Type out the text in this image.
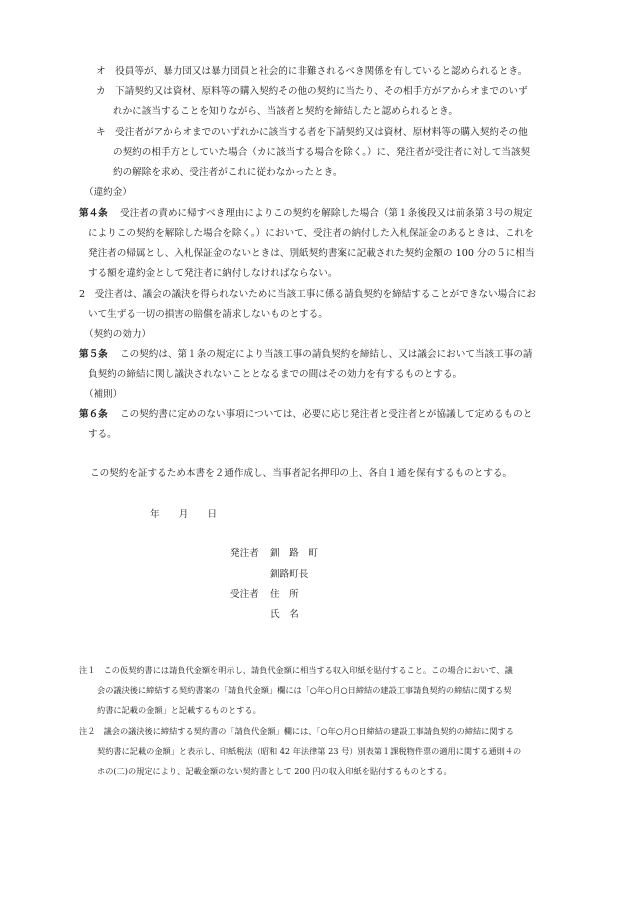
オ　役員等が、暴力団又は暴力団員と社会的に非難されるべき関係を有していると認められるとき。
カ　下請契約又は資材、原料等の購入契約その他の契約に当たり、その相手方がアからオまでのいず
れかに該当することを知りながら、当該者と契約を締結したと認められるとき。
キ　受注者がアからオまでのいずれかに該当する者を下請契約又は資材、原材料等の購入契約その他
の契約の相手方としていた場合（カに該当する場合を除く。）に、発注者が受注者に対して当該契
約の解除を求め、受注者がこれに従わなかったとき。
（違約金）
第４条 受注者の責めに帰すべき理由によりこの契約を解除した場合（第１条後段又は前条第３号の規定
によりこの契約を解除した場合を除く。）において、受注者の納付した入札保証金のあるときは、これを
発注者の帰属とし、入札保証金のないときは、別紙契約書案に記載された契約金額の 100 分の５に相当
する額を違約金として発注者に納付しなければならない。
2　受注者は、議会の議決を得られないために当該工事に係る請負契約を締結することができない場合にお
いて生ずる一切の損害の賠償を請求しないものとする。
（契約の効力）
第５条 この契約は、第１条の規定により当該工事の請負契約を締結し、又は議会において当該工事の請
負契約の締結に関し議決されないこととなるまでの間はその効力を有するものとする。
（補則）
第６条 この契約書に定めのない事項については、必要に応じ発注者と受注者とが協議して定めるものと
する。
この契約を証するため本書を２通作成し、当事者記名押印の上、各自１通を保有するものとする。
年　　月　　日
発注者 釧　路　町
釧路町長
受注者 住　所
氏　名
注１　この仮契約書には請負代金額を明示し、請負代金額に相当する収入印紙を貼付すること。この場合において、議
会の議決後に締結する契約書案の「請負代金額」欄には「○年○月○日締結の建設工事請負契約の締結に関する契
約書に記載の金額」と記載するものとする。
注２　議会の議決後に締結する契約書の「請負代金額」欄には、「○年○月○日締結の建設工事請負契約の締結に関する
契約書に記載の金額」と表示し、印紙税法（昭和 42 年法律第 23 号）別表第１課税物件票の適用に関する通則４の
ホの(二)の規定により、記載金額のない契約書として 200 円の収入印紙を貼付するものとする。
